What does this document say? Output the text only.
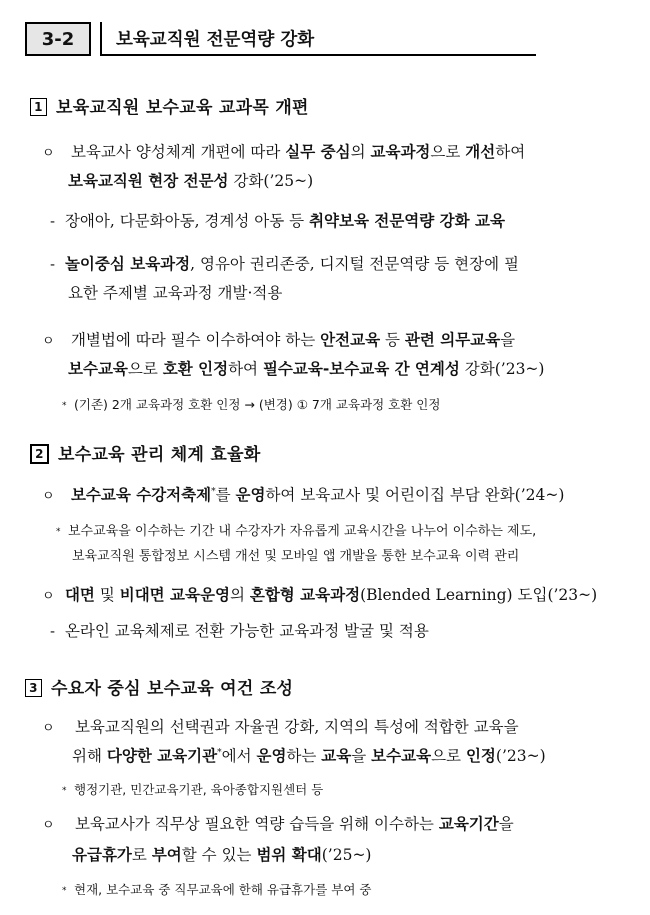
3-2	보육교직원 전문역량 강화
1 보육교직원 보수교육 교과목 개편
ㅇ 보육교사 양성체계 개편에 따라 실무 중심의 교육과정으로 개선하여
보육교직원 현장 전문성 강화(’25~)
- 장애아, 다문화아동, 경계성 아동 등 취약보육 전문역량 강화 교육
- 놀이중심 보육과정, 영유아 권리존중, 디지털 전문역량 등 현장에 필
요한 주제별 교육과정 개발·적용
ㅇ 개별법에 따라 필수 이수하여야 하는 안전교육 등 관련 의무교육을
보수교육으로 호환 인정하여 필수교육-보수교육 간 연계성 강화(’23~)
* (기존) 2개 교육과정 호환 인정 → (변경) ① 7개 교육과정 호환 인정
2 보수교육 관리 체계 효율화
ㅇ 보수교육 수강저축제*를 운영하여 보육교사 및 어린이집 부담 완화(’24~)
* 보수교육을 이수하는 기간 내 수강자가 자유롭게 교육시간을 나누어 이수하는 제도,
보육교직원 통합정보 시스템 개선 및 모바일 앱 개발을 통한 보수교육 이력 관리
ㅇ 대면 및 비대면 교육운영의 혼합형 교육과정(Blended Learning) 도입(’23~)
- 온라인 교육체제로 전환 가능한 교육과정 발굴 및 적용
3 수요자 중심 보수교육 여건 조성
ㅇ 보육교직원의 선택권과 자율권 강화, 지역의 특성에 적합한 교육을
위해 다양한 교육기관*에서 운영하는 교육을 보수교육으로 인정(’23~)
* 행정기관, 민간교육기관, 육아종합지원센터 등
ㅇ 보육교사가 직무상 필요한 역량 습득을 위해 이수하는 교육기간을
유급휴가로 부여할 수 있는 범위 확대(’25~)
* 현재, 보수교육 중 직무교육에 한해 유급휴가를 부여 중
